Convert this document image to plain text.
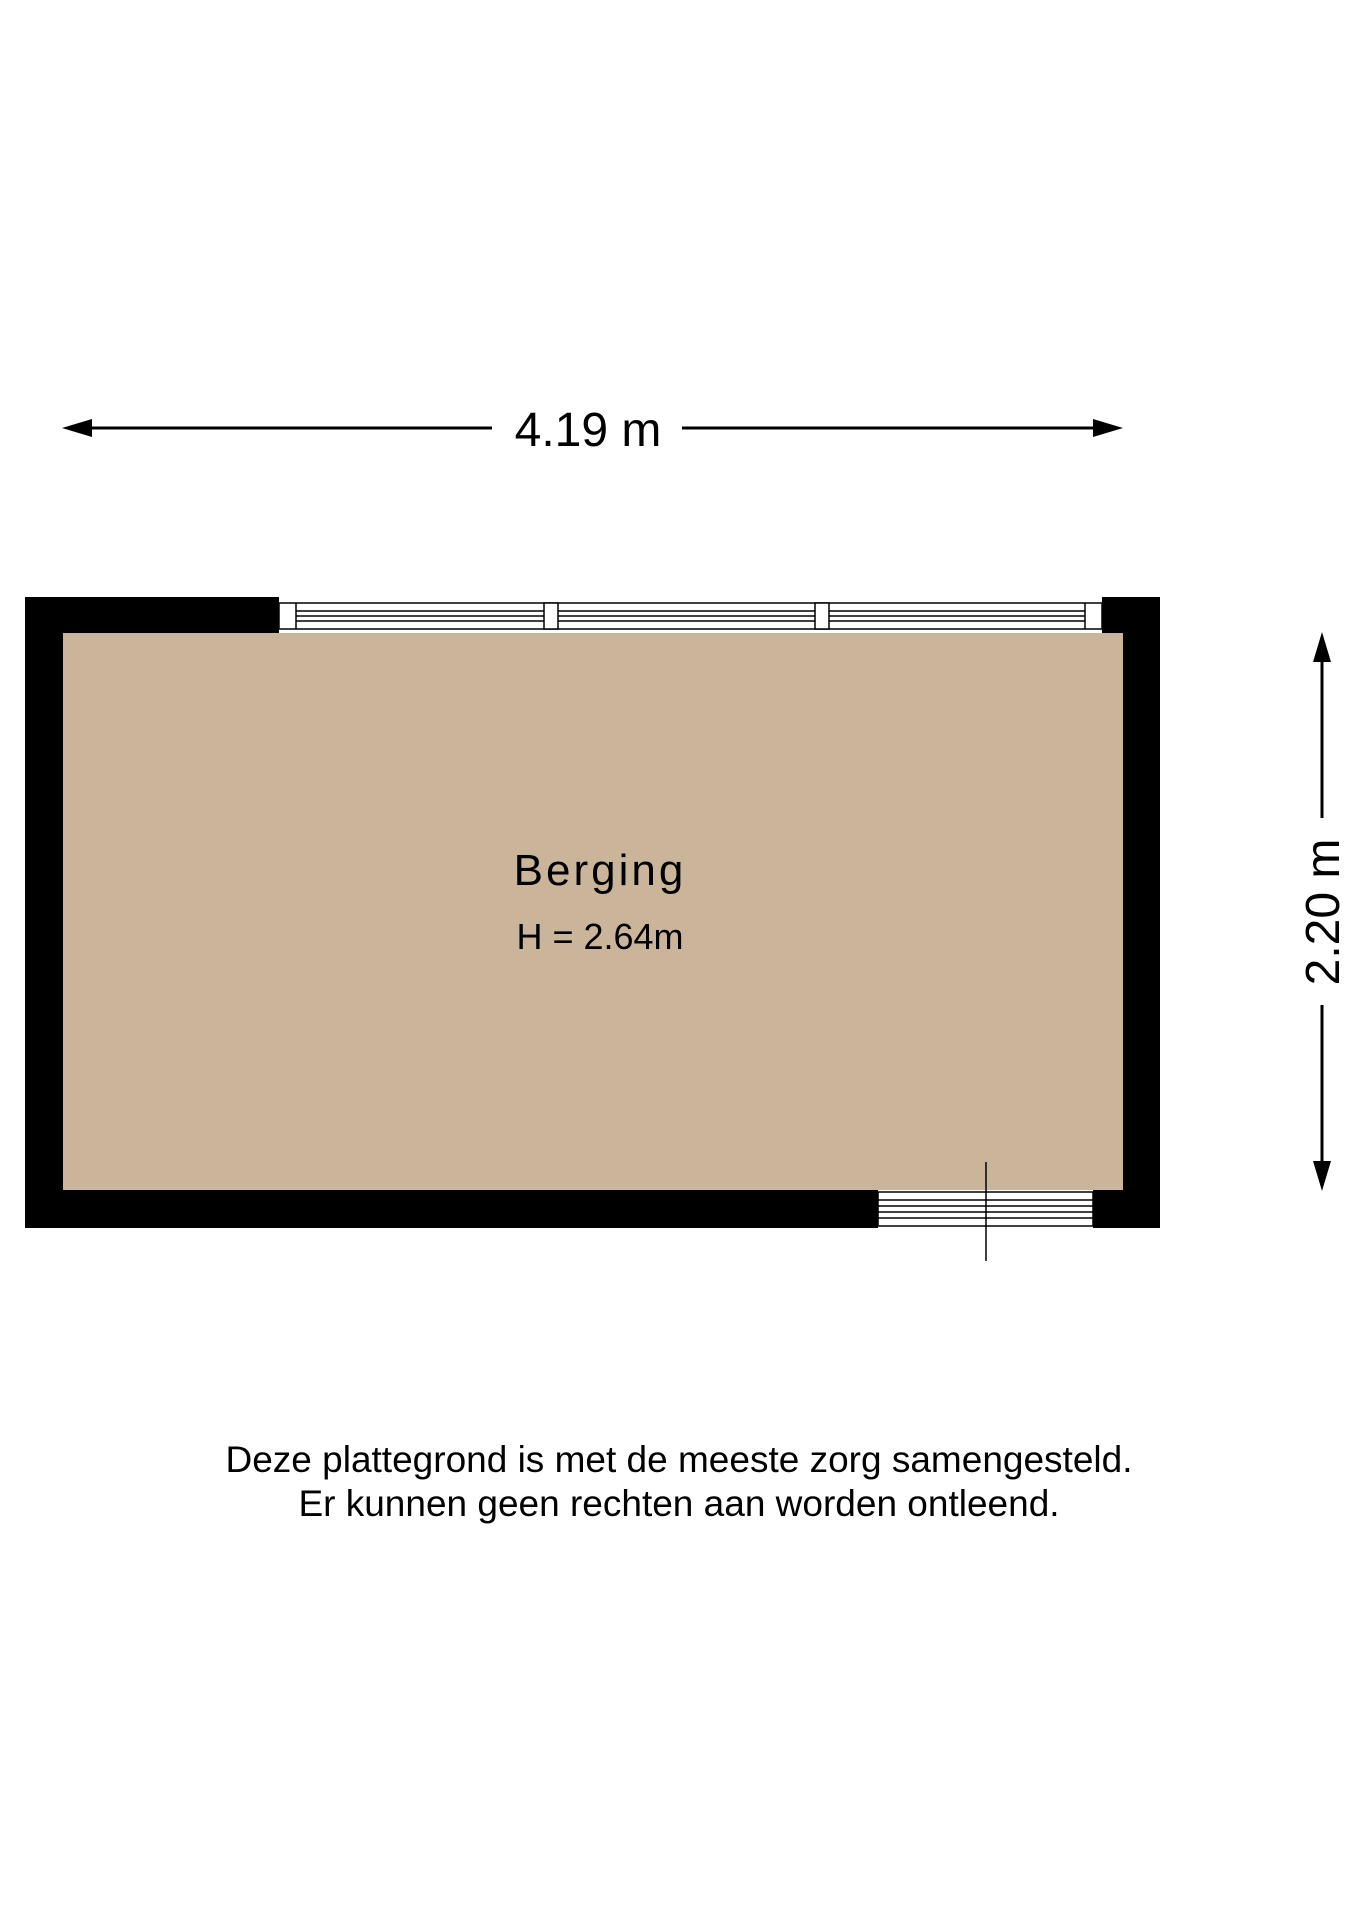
4.19 m
2.20 m
Berging
H = 2.64m
Deze plattegrond is met de meeste zorg samengesteld.
Er kunnen geen rechten aan worden ontleend.
